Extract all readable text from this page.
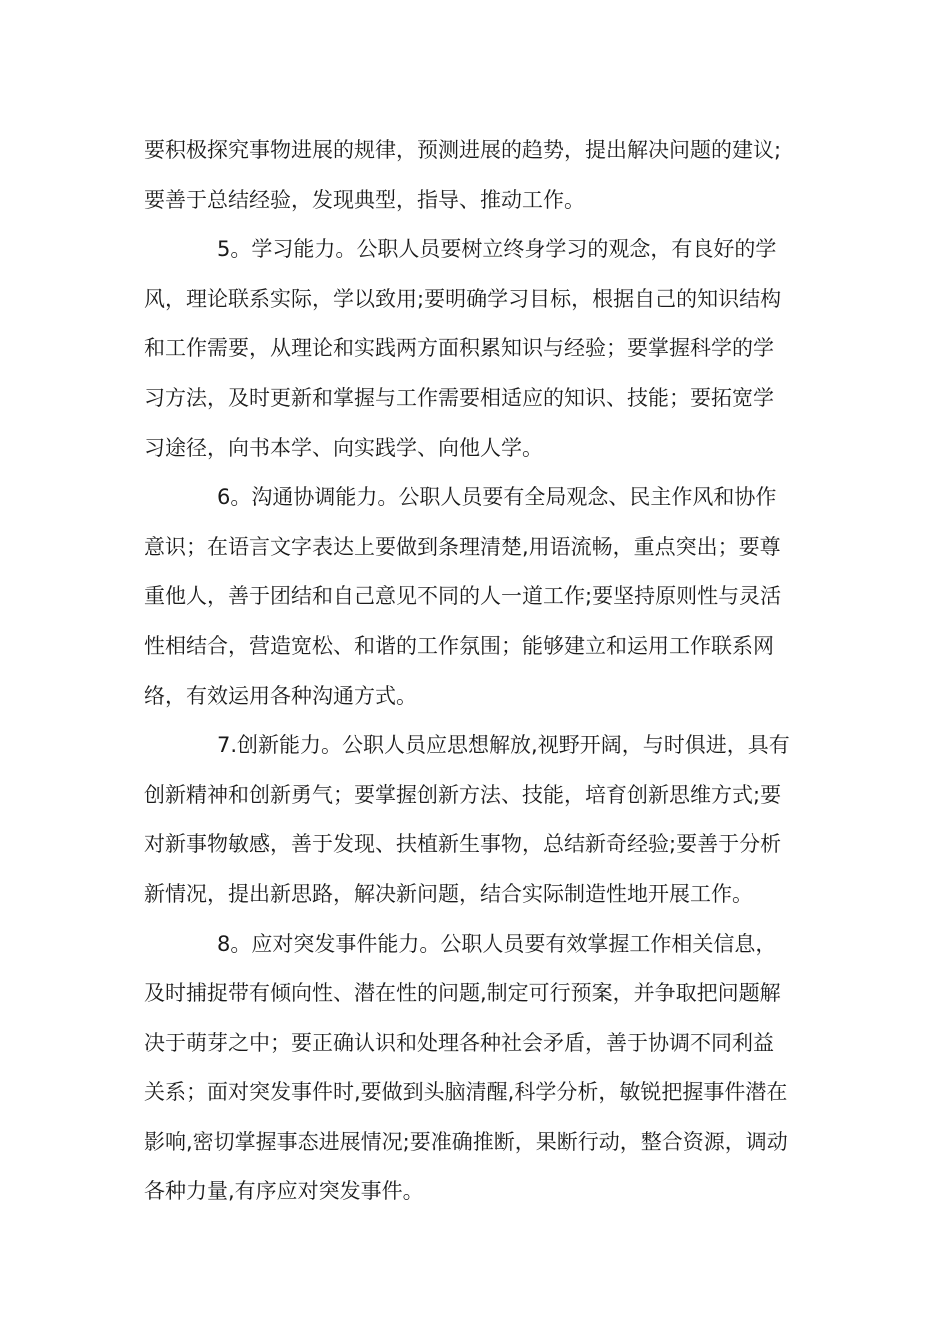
要积极探究事物进展的规律，预测进展的趋势，提出解决问题的建议;
要善于总结经验，发现典型，指导、推动工作。
5。学习能力。公职人员要树立终身学习的观念，有良好的学
风，理论联系实际，学以致用;要明确学习目标，根据自己的知识结构
和工作需要，从理论和实践两方面积累知识与经验；要掌握科学的学
习方法，及时更新和掌握与工作需要相适应的知识、技能；要拓宽学
习途径，向书本学、向实践学、向他人学。
6。沟通协调能力。公职人员要有全局观念、民主作风和协作
意识；在语言文字表达上要做到条理清楚,用语流畅，重点突出；要尊
重他人，善于团结和自己意见不同的人一道工作;要坚持原则性与灵活
性相结合，营造宽松、和谐的工作氛围；能够建立和运用工作联系网
络，有效运用各种沟通方式。
7.创新能力。公职人员应思想解放,视野开阔，与时俱进，具有
创新精神和创新勇气；要掌握创新方法、技能，培育创新思维方式;要
对新事物敏感，善于发现、扶植新生事物，总结新奇经验;要善于分析
新情况，提出新思路，解决新问题，结合实际制造性地开展工作。
8。应对突发事件能力。公职人员要有效掌握工作相关信息，
及时捕捉带有倾向性、潜在性的问题,制定可行预案，并争取把问题解
决于萌芽之中；要正确认识和处理各种社会矛盾，善于协调不同利益
关系；面对突发事件时,要做到头脑清醒,科学分析，敏锐把握事件潜在
影响,密切掌握事态进展情况;要准确推断，果断行动，整合资源，调动
各种力量,有序应对突发事件。
